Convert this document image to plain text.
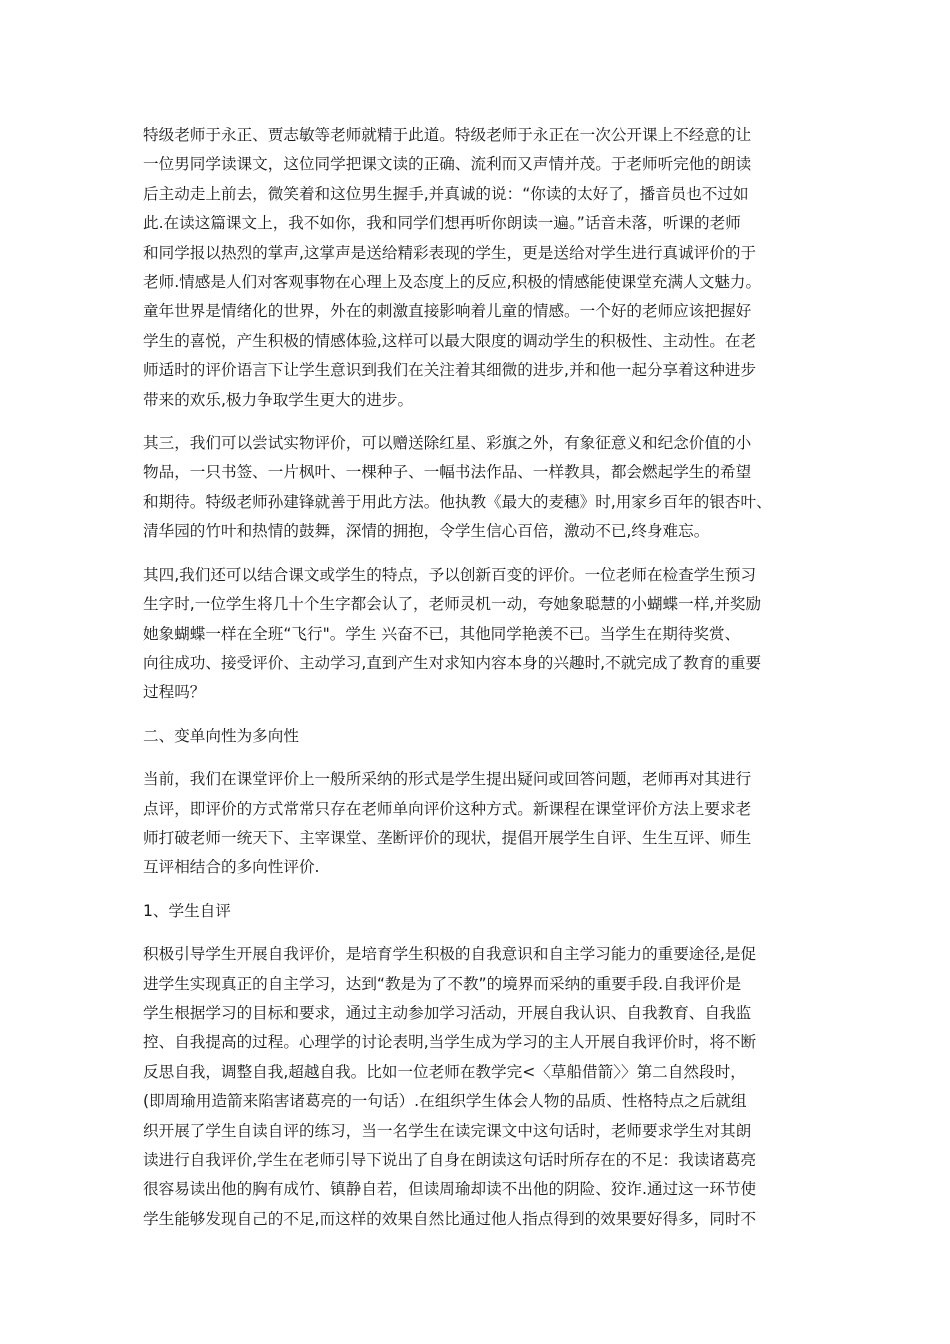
特级老师于永正、贾志敏等老师就精于此道。特级老师于永正在一次公开课上不经意的让
一位男同学读课文，这位同学把课文读的正确、流利而又声情并茂。于老师听完他的朗读
后主动走上前去，微笑着和这位男生握手,并真诚的说：“你读的太好了，播音员也不过如
此.在读这篇课文上，我不如你，我和同学们想再听你朗读一遍。”话音未落，听课的老师
和同学报以热烈的掌声,这掌声是送给精彩表现的学生，更是送给对学生进行真诚评价的于
老师.情感是人们对客观事物在心理上及态度上的反应,积极的情感能使课堂充满人文魅力。
童年世界是情绪化的世界，外在的刺激直接影响着儿童的情感。一个好的老师应该把握好
学生的喜悦，产生积极的情感体验,这样可以最大限度的调动学生的积极性、主动性。在老
师适时的评价语言下让学生意识到我们在关注着其细微的进步,并和他一起分享着这种进步
带来的欢乐,极力争取学生更大的进步。
其三，我们可以尝试实物评价，可以赠送除红星、彩旗之外，有象征意义和纪念价值的小
物品，一只书签、一片枫叶、一棵种子、一幅书法作品、一样教具，都会燃起学生的希望
和期待。特级老师孙建锋就善于用此方法。他执教《最大的麦穗》时,用家乡百年的银杏叶、
清华园的竹叶和热情的鼓舞，深情的拥抱，令学生信心百倍，激动不已,终身难忘。
其四,我们还可以结合课文或学生的特点，予以创新百变的评价。一位老师在检查学生预习
生字时,一位学生将几十个生字都会认了，老师灵机一动，夸她象聪慧的小蝴蝶一样,并奖励
她象蝴蝶一样在全班“飞行"。学生 兴奋不已，其他同学艳羡不已。当学生在期待奖赏、
向往成功、接受评价、主动学习,直到产生对求知内容本身的兴趣时,不就完成了教育的重要
过程吗？
二、变单向性为多向性
当前，我们在课堂评价上一般所采纳的形式是学生提出疑问或回答问题，老师再对其进行
点评，即评价的方式常常只存在老师单向评价这种方式。新课程在课堂评价方法上要求老
师打破老师一统天下、主宰课堂、垄断评价的现状，提倡开展学生自评、生生互评、师生
互评相结合的多向性评价.
1、学生自评
积极引导学生开展自我评价，是培育学生积极的自我意识和自主学习能力的重要途径,是促
进学生实现真正的自主学习，达到“教是为了不教”的境界而采纳的重要手段.自我评价是
学生根据学习的目标和要求，通过主动参加学习活动，开展自我认识、自我教育、自我监
控、自我提高的过程。心理学的讨论表明,当学生成为学习的主人开展自我评价时，将不断
反思自我，调整自我,超越自我。比如一位老师在教学完<〈草船借箭〉〉第二自然段时，
(即周瑜用造箭来陷害诸葛亮的一句话）.在组织学生体会人物的品质、性格特点之后就组
织开展了学生自读自评的练习，当一名学生在读完课文中这句话时，老师要求学生对其朗
读进行自我评价,学生在老师引导下说出了自身在朗读这句话时所存在的不足：我读诸葛亮
很容易读出他的胸有成竹、镇静自若，但读周瑜却读不出他的阴险、狡诈.通过这一环节使
学生能够发现自己的不足,而这样的效果自然比通过他人指点得到的效果要好得多，同时不
